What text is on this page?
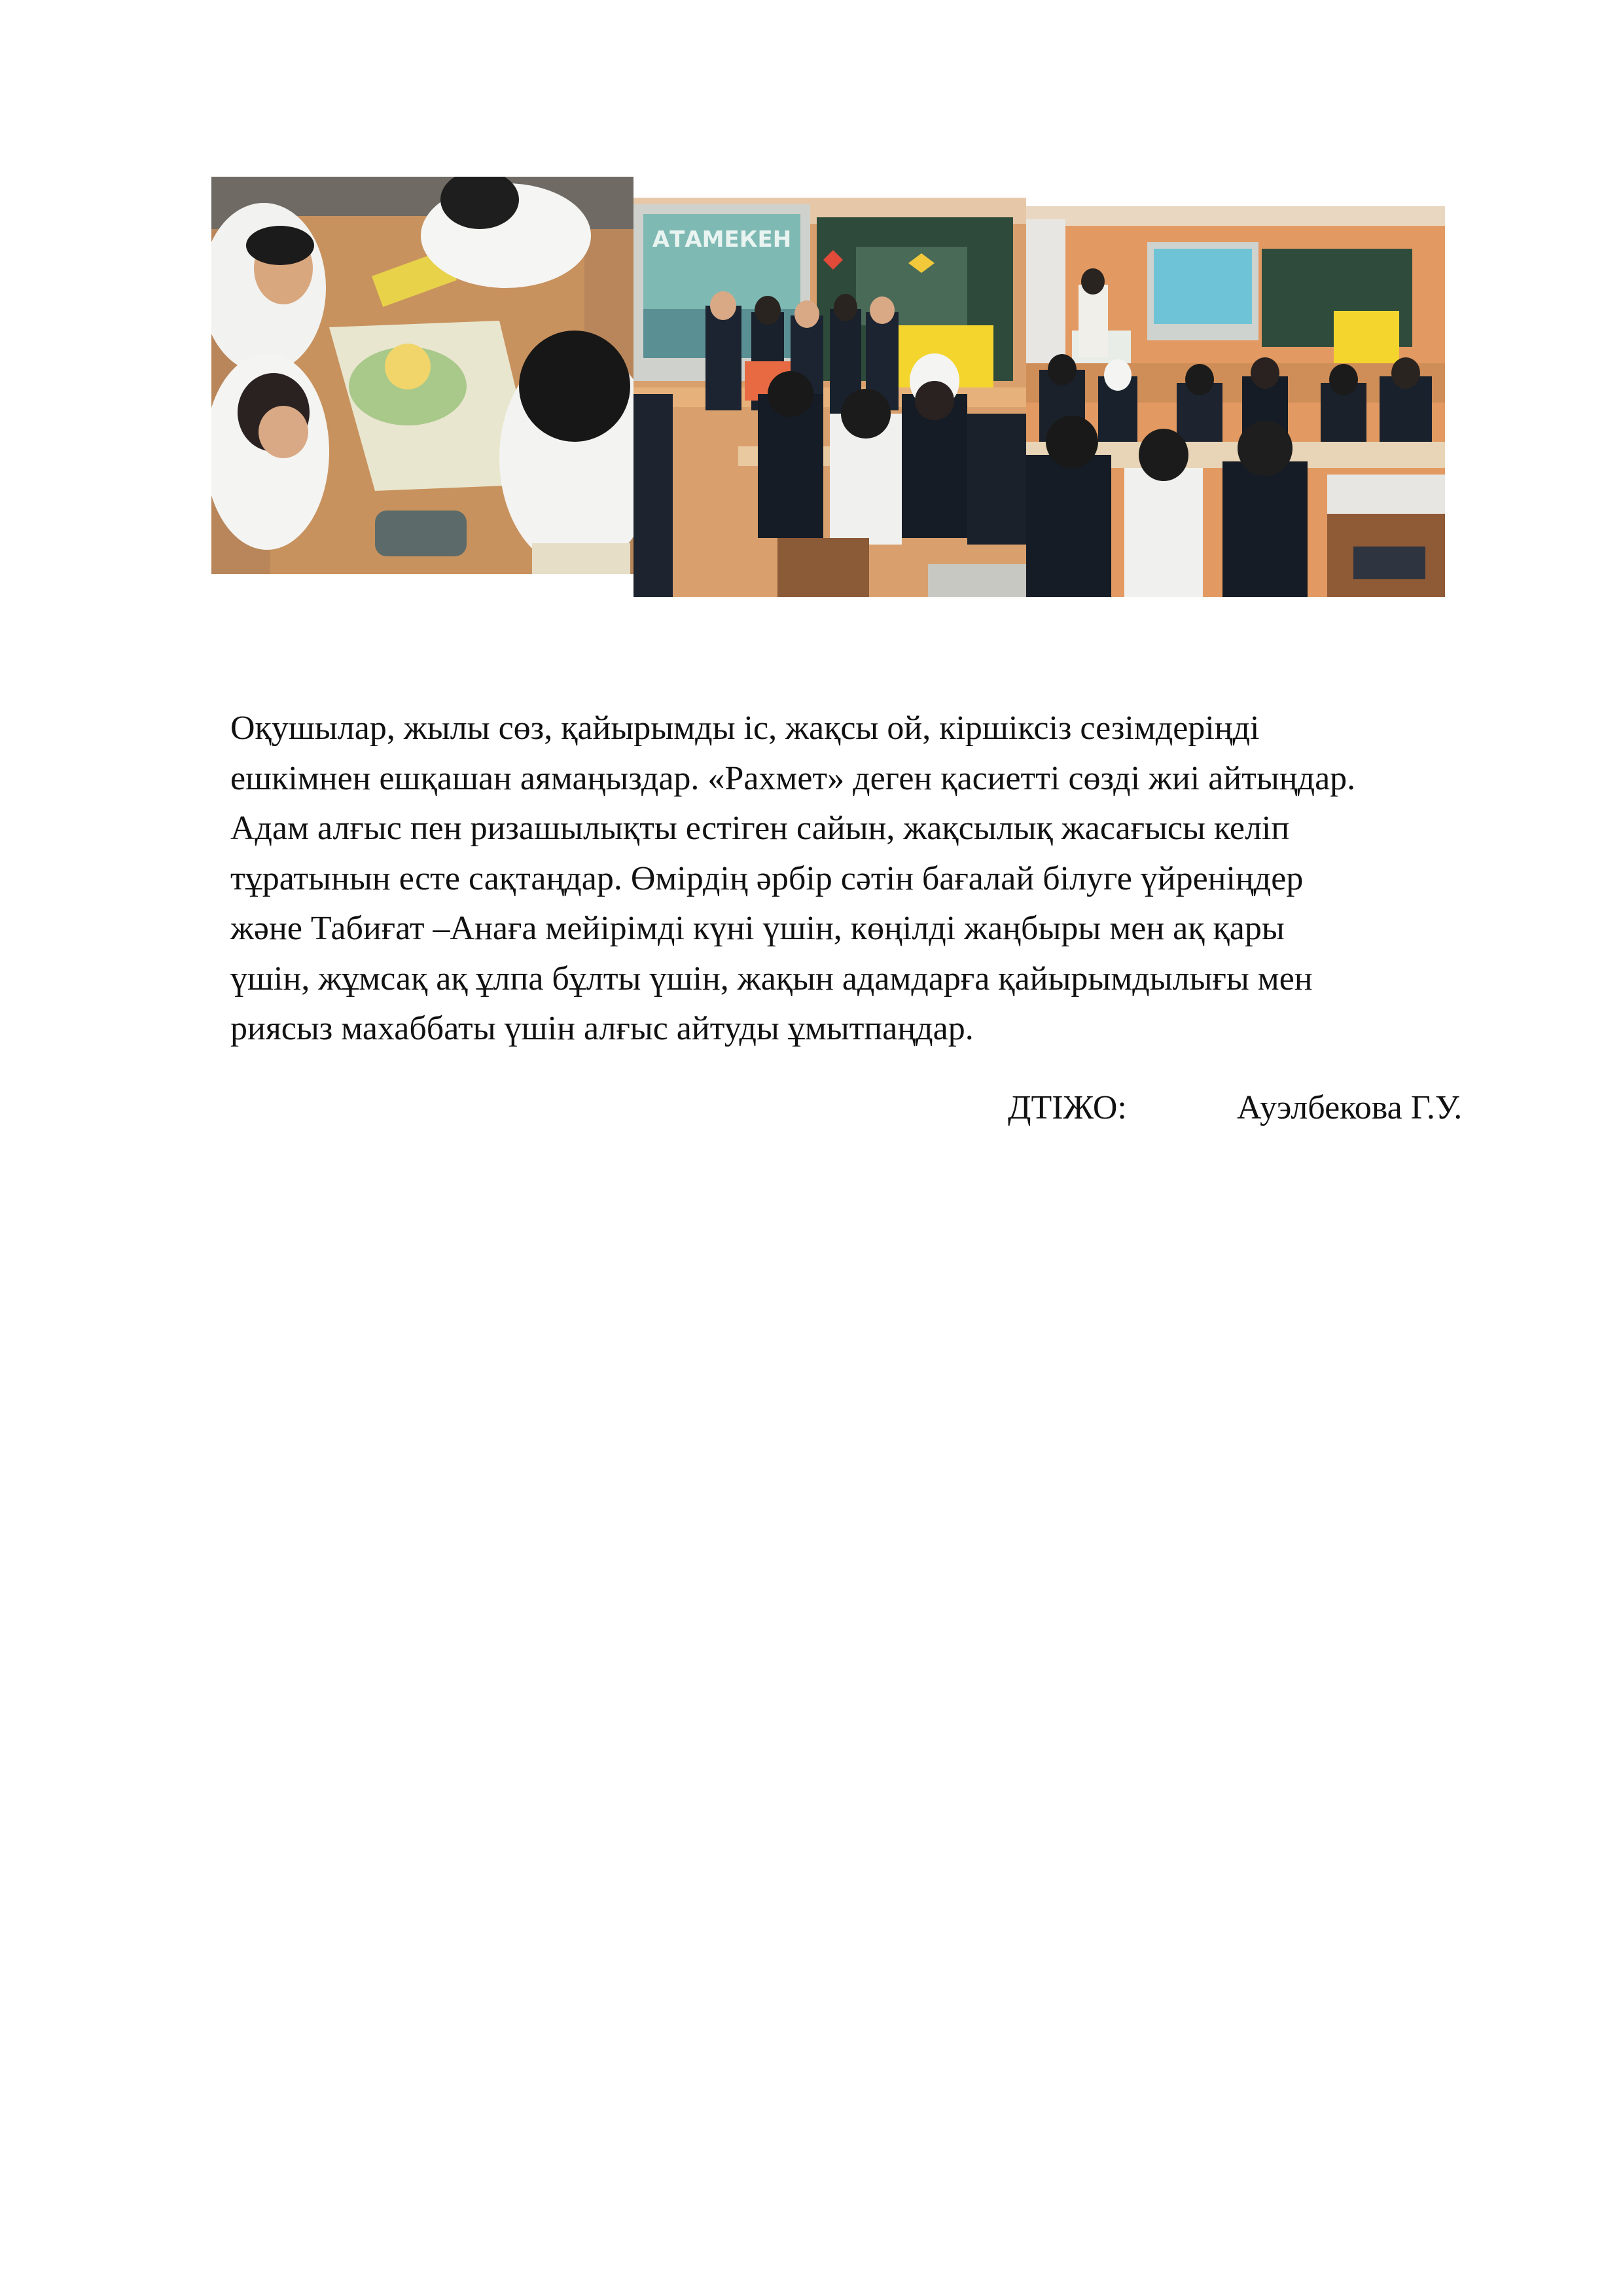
АТАМЕКЕН

Оқушылар, жылы сөз, қайырымды іс, жақсы ой, кіршіксіз сезімдеріңді
ешкімнен ешқашан аямаңыздар. «Рахмет» деген қасиетті сөзді жиі айтыңдар.
Адам алғыс пен ризашылықты естіген сайын, жақсылық жасағысы келіп
тұратынын есте сақтаңдар. Өмірдің әрбір сәтін бағалай білуге үйреніңдер
және Табиғат –Анаға мейірімді күні үшін, көңілді жаңбыры мен ақ қары
үшін, жұмсақ ақ ұлпа бұлты үшін, жақын адамдарға қайырымдылығы мен
риясыз махаббаты үшін алғыс айтуды ұмытпаңдар.

ДТІЖО:	Ауэлбекова Г.У.
